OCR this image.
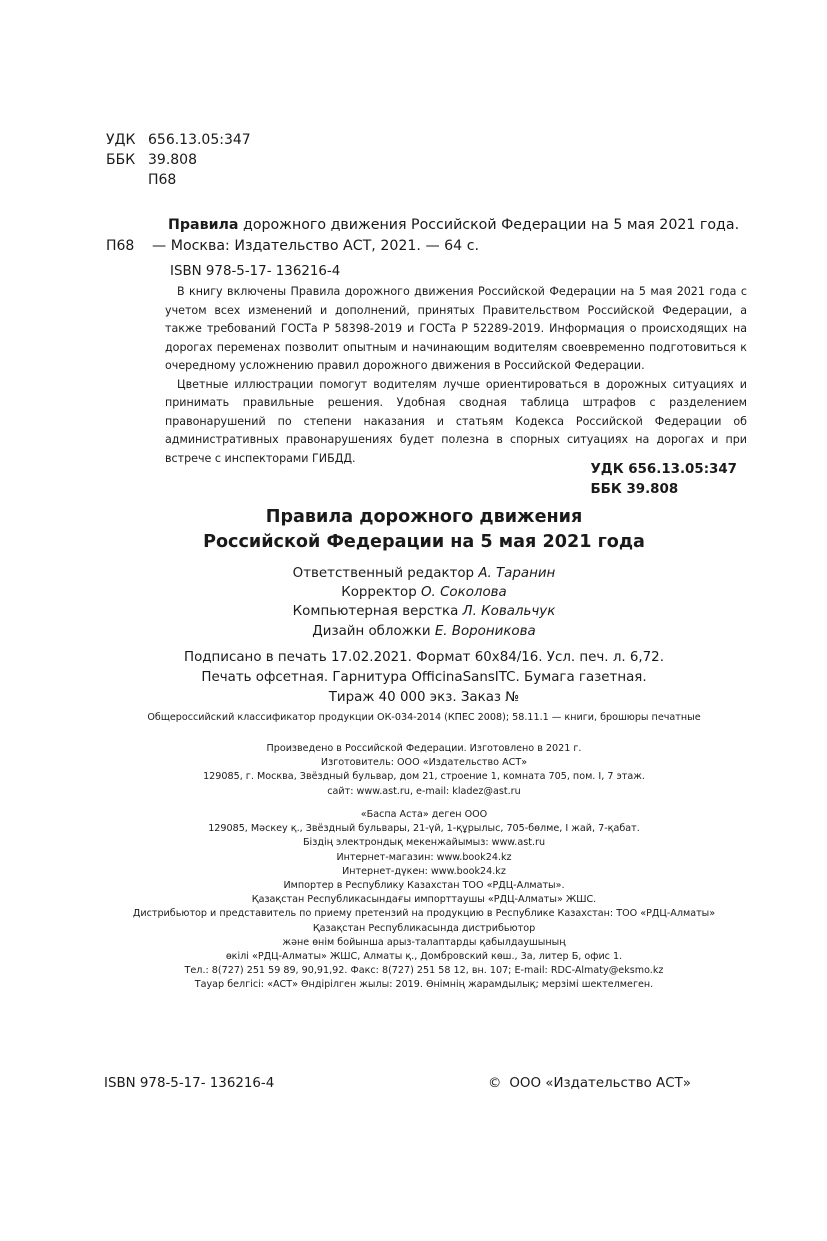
УДК 656.13.05:347
ББК 39.808
П68
Правила дорожного движения Российской Федерации на 5 мая 2021 года. — Москва: Издательство АСТ, 2021. — 64 с.
П68
ISBN 978-5-17- 136216-4

В книгу включены Правила дорожного движения Российской Федерации на 5 мая 2021 года с учетом всех изменений и дополнений, принятых Правительством Российской Федерации, а также требований ГОСТа Р 58398-2019 и ГОСТа Р 52289-2019. Информация о происходящих на дорогах переменах позволит опытным и начинающим водителям своевременно подготовиться к очередному усложнению правил дорожного движения в Российской Федерации.

Цветные иллюстрации помогут водителям лучше ориентироваться в дорожных ситуациях и принимать правильные решения. Удобная сводная таблица штрафов с разделением правонарушений по степени наказания и статьям Кодекса Российской Федерации об административных правонарушениях будет полезна в спорных ситуациях на дорогах и при встрече с инспекторами ГИБДД.

УДК 656.13.05:347
ББК 39.808
Правила дорожного движения
Российской Федерации на 5 мая 2021 года
Ответственный редактор А. Таранин
Корректор О. Соколова
Компьютерная верстка Л. Ковальчук
Дизайн обложки Е. Вороникова
Подписано в печать 17.02.2021. Формат 60x84/16. Усл. печ. л. 6,72.
Печать офсетная. Гарнитура OfficinaSansITC. Бумага газетная.
Тираж 40 000 экз. Заказ №
Общероссийский классификатор продукции ОК-034-2014 (КПЕС 2008); 58.11.1 — книги, брошюры печатные
Произведено в Российской Федерации. Изготовлено в 2021 г.
Изготовитель: ООО «Издательство АСТ»
129085, г. Москва, Звёздный бульвар, дом 21, строение 1, комната 705, пом. I, 7 этаж.
сайт: www.ast.ru, e-mail: kladez@ast.ru
«Баспа Аста» деген ООО
129085, Мәскеу қ., Звёздный бульвары, 21-үй, 1-құрылыс, 705-бөлме, I жай, 7-қабат.
Біздің электрондық мекенжайымыз: www.ast.ru
Интернет-магазин: www.book24.kz
Интернет-дүкен: www.book24.kz
Импортер в Республику Казахстан ТОО «РДЦ-Алматы».
Қазақстан Республикасындағы импорттаушы «РДЦ-Алматы» ЖШС.
Дистрибьютор и представитель по приему претензий на продукцию в Республике Казахстан: ТОО «РДЦ-Алматы»
Қазақстан Республикасында дистрибьютор
және өнім бойынша арыз-талаптарды қабылдаушының
өкілі «РДЦ-Алматы» ЖШС, Алматы қ., Домбровский көш., 3а, литер Б, офис 1.
Тел.: 8(727) 251 59 89, 90,91,92. Факс: 8(727) 251 58 12, вн. 107; E-mail: RDC-Almaty@eksmo.kz
Тауар белгісі: «АСТ» Өндірілген жылы: 2019. Өнімнің жарамдылық; мерзімі шектелмеген.
ISBN 978-5-17- 136216-4	© ООО «Издательство АСТ»
